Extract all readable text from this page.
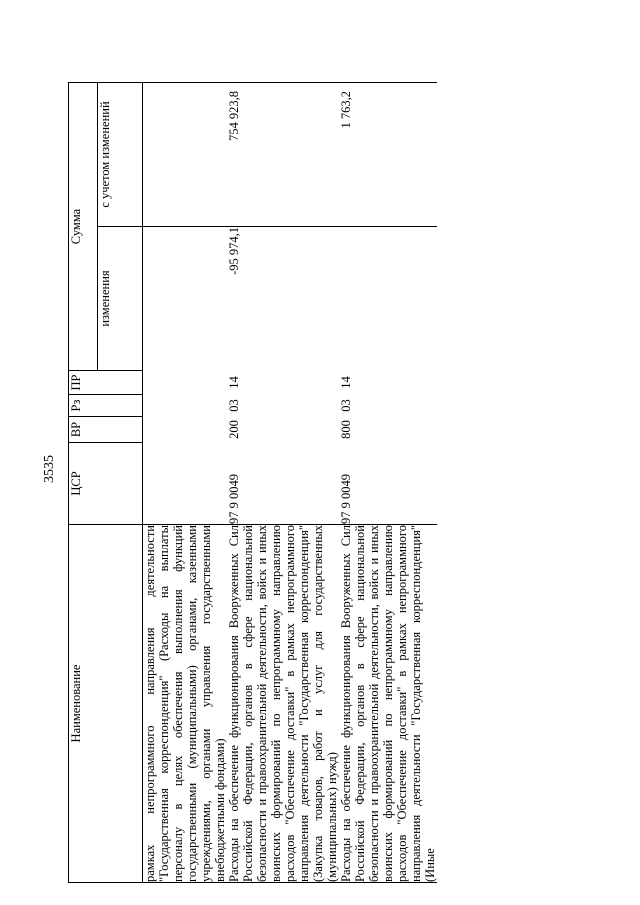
3535
Наименование	ЦСР	ВР	Рз	ПР	Сумма	
					изменения	с учетом изменений
рамках непрограммного направления деятельности "Государственная корреспонденция" (Расходы на выплаты персоналу в целях обеспечения выполнения функций государственными (муниципальными) органами, казенными учреждениями, органами управления государственными внебюджетными фондами)						
Расходы на обеспечение функционирования Вооруженных Сил Российской Федерации, органов в сфере национальной безопасности и правоохранительной деятельности, войск и иных воинских формирований по непрограммному направлению расходов "Обеспечение доставки" в рамках непрограммного направления деятельности "Государственная корреспонденция" (Закупка товаров, работ и услуг для государственных (муниципальных) нужд)	97 9 0049	200	03	14	-95 974,1	754 923,8
Расходы на обеспечение функционирования Вооруженных Сил Российской Федерации, органов в сфере национальной безопасности и правоохранительной деятельности, войск и иных воинских формирований по непрограммному направлению расходов "Обеспечение доставки" в рамках непрограммного направления деятельности "Государственная корреспонденция" (Иные	97 9 0049	800	03	14		1 763,2
